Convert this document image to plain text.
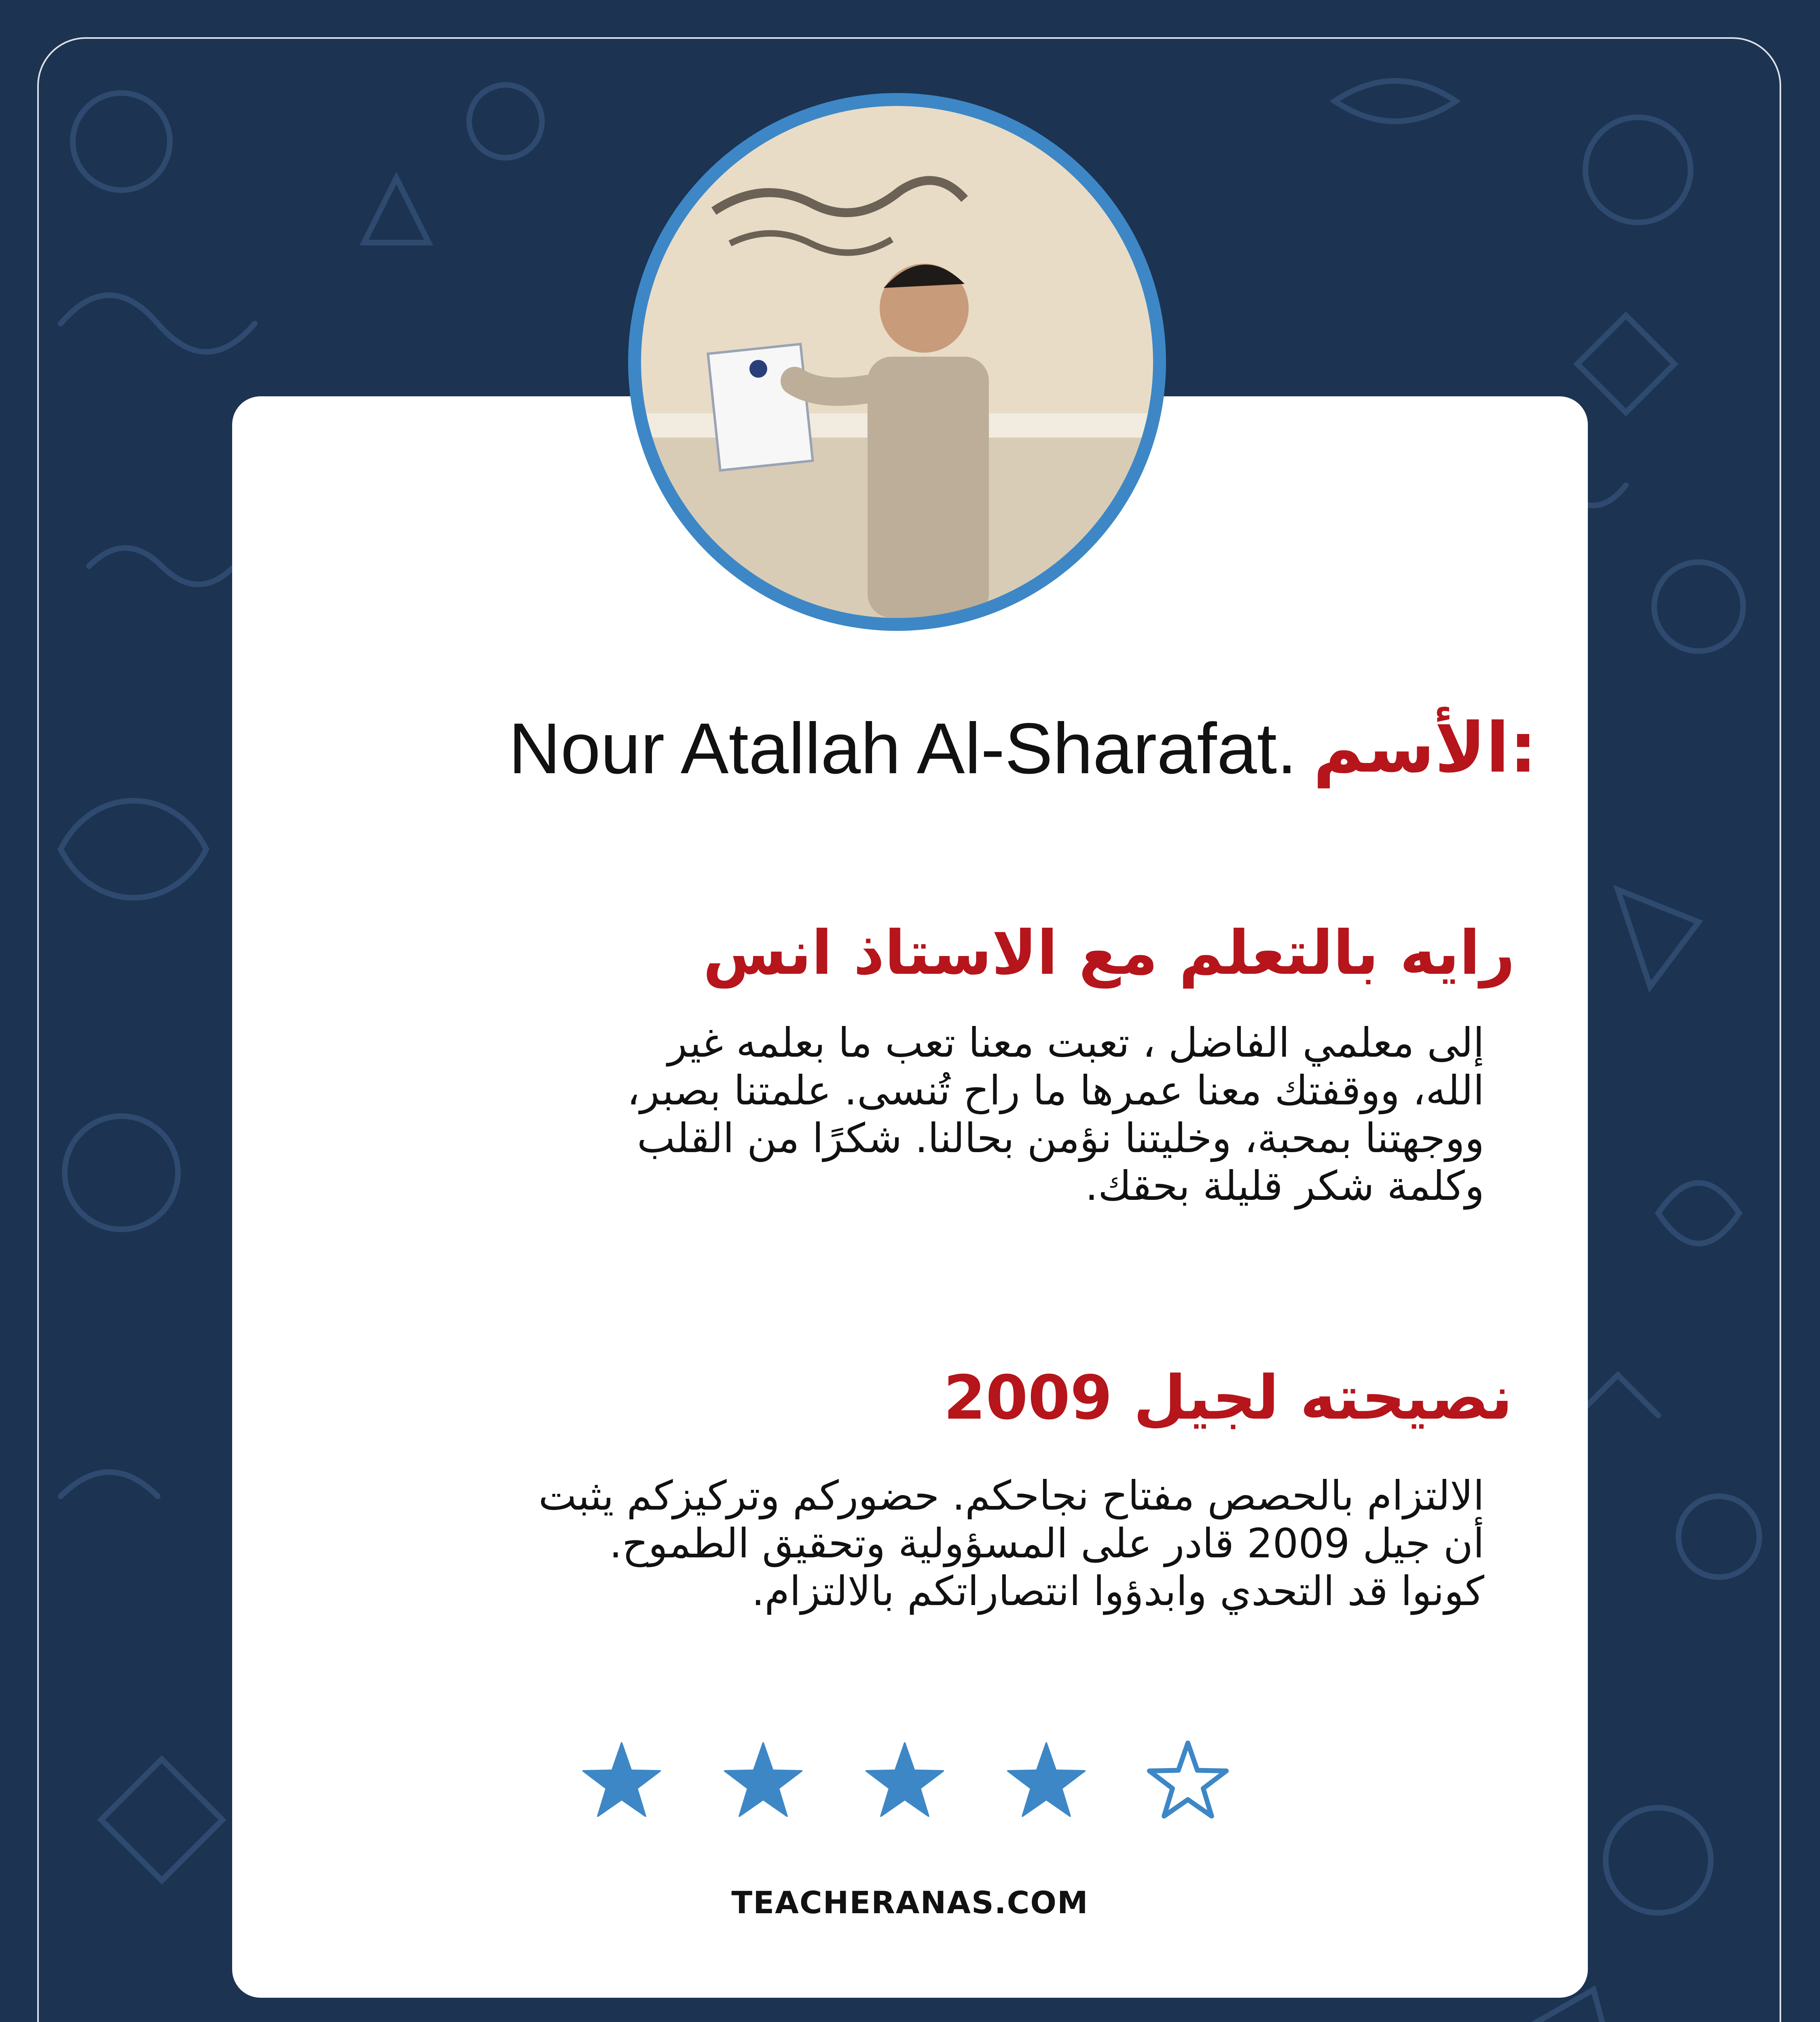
Nour Atallah Al-Sharafat. الأسم:
رايه بالتعلم مع الاستاذ انس
إلى معلمي الفاضل ، تعبت معنا تعب ما بعلمه غير
الله، ووقفتك معنا عمرها ما راح تُنسى. علمتنا بصبر،
ووجهتنا بمحبة، وخليتنا نؤمن بحالنا. شكرًا من القلب
وكلمة شكر قليلة بحقك.
نصيحته لجيل 2009
الالتزام بالحصص مفتاح نجاحكم. حضوركم وتركيزكم يثبت
أن جيل 2009 قادر على المسؤولية وتحقيق الطموح.
كونوا قد التحدي وابدؤوا انتصاراتكم بالالتزام.
TEACHERANAS.COM
